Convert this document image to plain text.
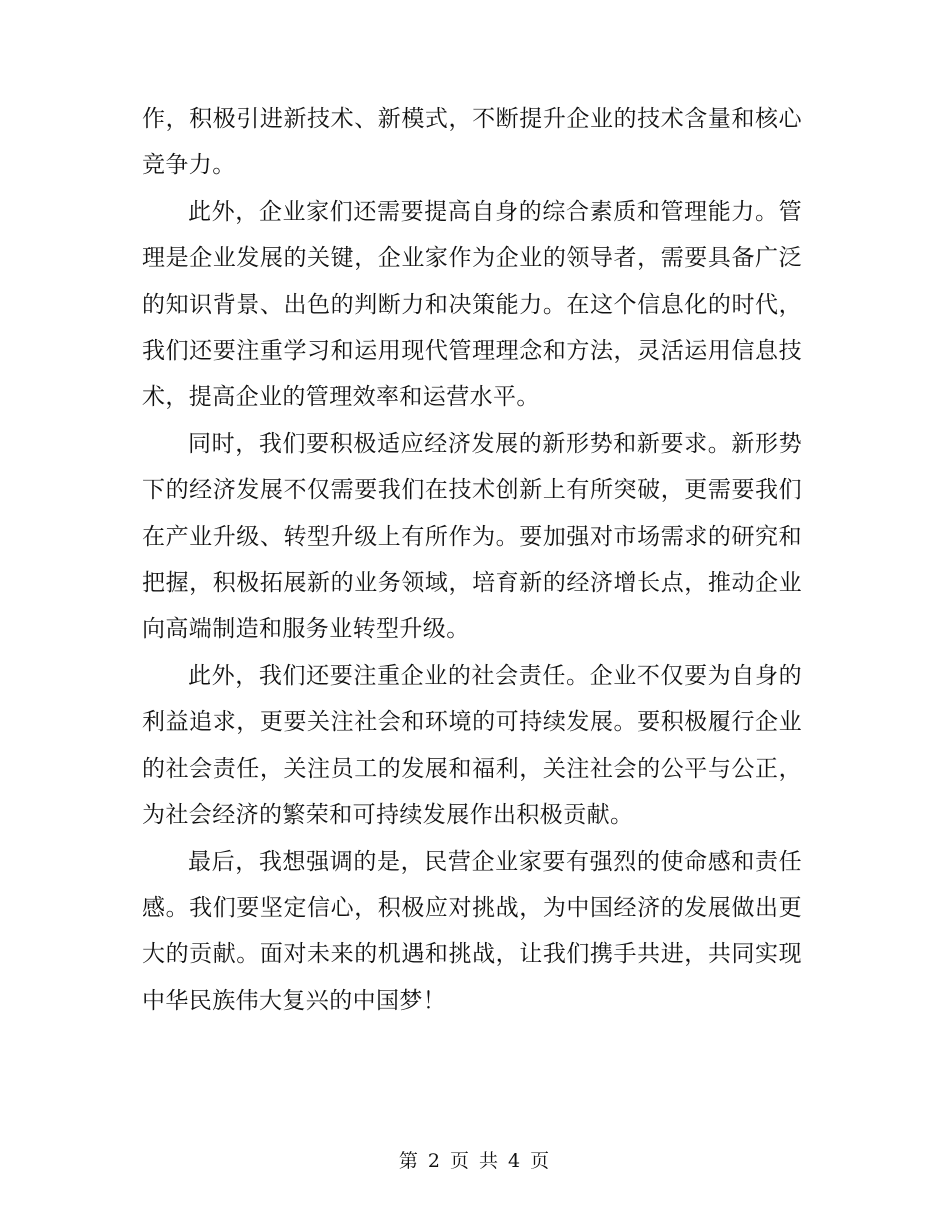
作，积极引进新技术、新模式，不断提升企业的技术含量和核心竞争力。

此外，企业家们还需要提高自身的综合素质和管理能力。管理是企业发展的关键，企业家作为企业的领导者，需要具备广泛的知识背景、出色的判断力和决策能力。在这个信息化的时代，我们还要注重学习和运用现代管理理念和方法，灵活运用信息技术，提高企业的管理效率和运营水平。

同时，我们要积极适应经济发展的新形势和新要求。新形势下的经济发展不仅需要我们在技术创新上有所突破，更需要我们在产业升级、转型升级上有所作为。要加强对市场需求的研究和把握，积极拓展新的业务领域，培育新的经济增长点，推动企业向高端制造和服务业转型升级。

此外，我们还要注重企业的社会责任。企业不仅要为自身的利益追求，更要关注社会和环境的可持续发展。要积极履行企业的社会责任，关注员工的发展和福利，关注社会的公平与公正，为社会经济的繁荣和可持续发展作出积极贡献。

最后，我想强调的是，民营企业家要有强烈的使命感和责任感。我们要坚定信心，积极应对挑战，为中国经济的发展做出更大的贡献。面对未来的机遇和挑战，让我们携手共进，共同实现中华民族伟大复兴的中国梦！

第 2 页 共 4 页
